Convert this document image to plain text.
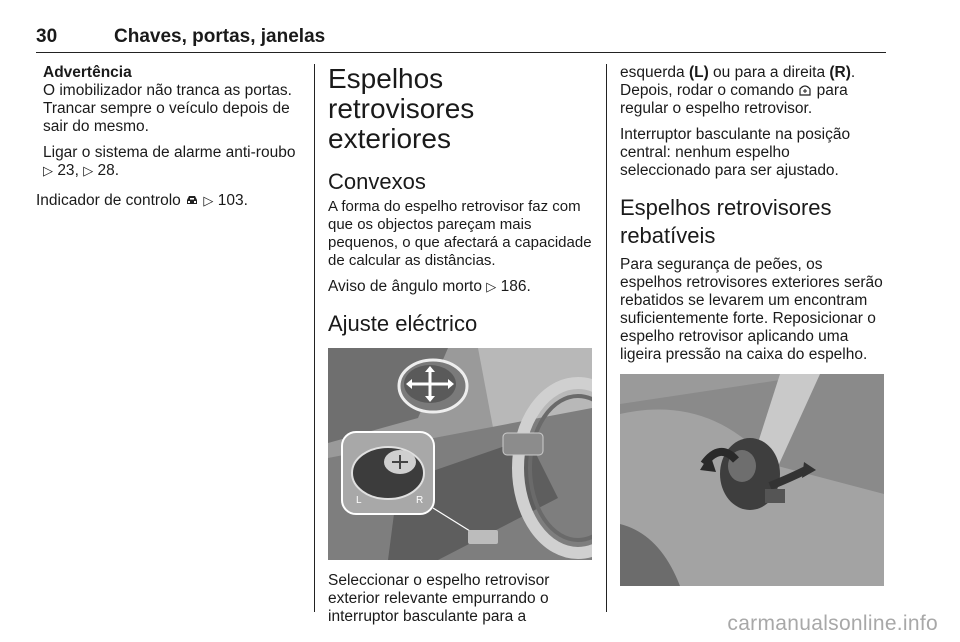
30	Chaves, portas, janelas
Advertência

O imobilizador não tranca as portas. Trancar sempre o veículo depois de sair do mesmo.

Ligar o sistema de alarme anti-roubo
▷ 23, ▷ 28.

Indicador de controlo ▷ 103.

Espelhos retrovisores exteriores
Convexos

A forma do espelho retrovisor faz com que os objectos pareçam mais pequenos, o que afectará a capacidade de calcular as distâncias.

Aviso de ângulo morto ▷ 186.

Ajuste eléctrico
L	R

Seleccionar o espelho retrovisor exterior relevante empurrando o interruptor basculante para a

esquerda (L) ou para a direita (R).
Depois, rodar o comando para regular o espelho retrovisor.

Interruptor basculante na posição central: nenhum espelho seleccionado para ser ajustado.

Espelhos retrovisores rebatíveis

Para segurança de peões, os espelhos retrovisores exteriores serão rebatidos se levarem um encontram suficientemente forte. Reposicionar o espelho retrovisor aplicando uma ligeira pressão na caixa do espelho.

carmanualsonline.info
